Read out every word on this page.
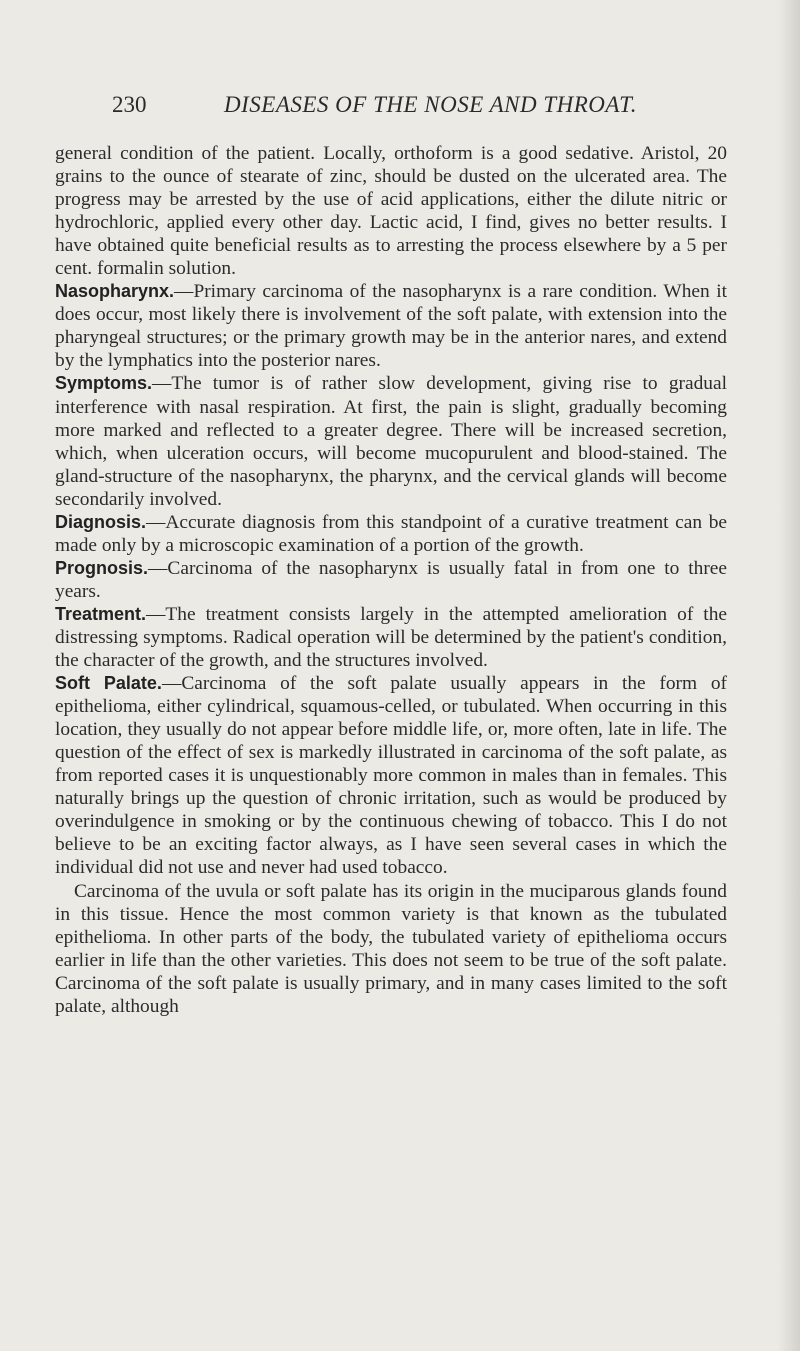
230	DISEASES OF THE NOSE AND THROAT.

general condition of the patient. Locally, orthoform is a good sedative. Aristol, 20 grains to the ounce of stearate of zinc, should be dusted on the ulcerated area. The progress may be arrested by the use of acid applications, either the dilute nitric or hydrochloric, applied every other day. Lactic acid, I find, gives no better results. I have obtained quite beneficial results as to arresting the process elsewhere by a 5 per cent. formalin solution.

Nasopharynx.—Primary carcinoma of the nasopharynx is a rare condition. When it does occur, most likely there is involvement of the soft palate, with extension into the pharyngeal structures; or the primary growth may be in the anterior nares, and extend by the lymphatics into the posterior nares.

Symptoms.—The tumor is of rather slow development, giving rise to gradual interference with nasal respiration. At first, the pain is slight, gradually becoming more marked and reflected to a greater degree. There will be increased secretion, which, when ulceration occurs, will become mucopurulent and blood-stained. The gland-structure of the nasopharynx, the pharynx, and the cervical glands will become secondarily involved.

Diagnosis.—Accurate diagnosis from this standpoint of a curative treatment can be made only by a microscopic examination of a portion of the growth.

Prognosis.—Carcinoma of the nasopharynx is usually fatal in from one to three years.

Treatment.—The treatment consists largely in the attempted amelioration of the distressing symptoms. Radical operation will be determined by the patient's condition, the character of the growth, and the structures involved.

Soft Palate.—Carcinoma of the soft palate usually appears in the form of epithelioma, either cylindrical, squamous-celled, or tubulated. When occurring in this location, they usually do not appear before middle life, or, more often, late in life. The question of the effect of sex is markedly illustrated in carcinoma of the soft palate, as from reported cases it is unquestionably more common in males than in females. This naturally brings up the question of chronic irritation, such as would be produced by overindulgence in smoking or by the continuous chewing of tobacco. This I do not believe to be an exciting factor always, as I have seen several cases in which the individual did not use and never had used tobacco.

Carcinoma of the uvula or soft palate has its origin in the muciparous glands found in this tissue. Hence the most common variety is that known as the tubulated epithelioma. In other parts of the body, the tubulated variety of epithelioma occurs earlier in life than the other varieties. This does not seem to be true of the soft palate. Carcinoma of the soft palate is usually primary, and in many cases limited to the soft palate, although
